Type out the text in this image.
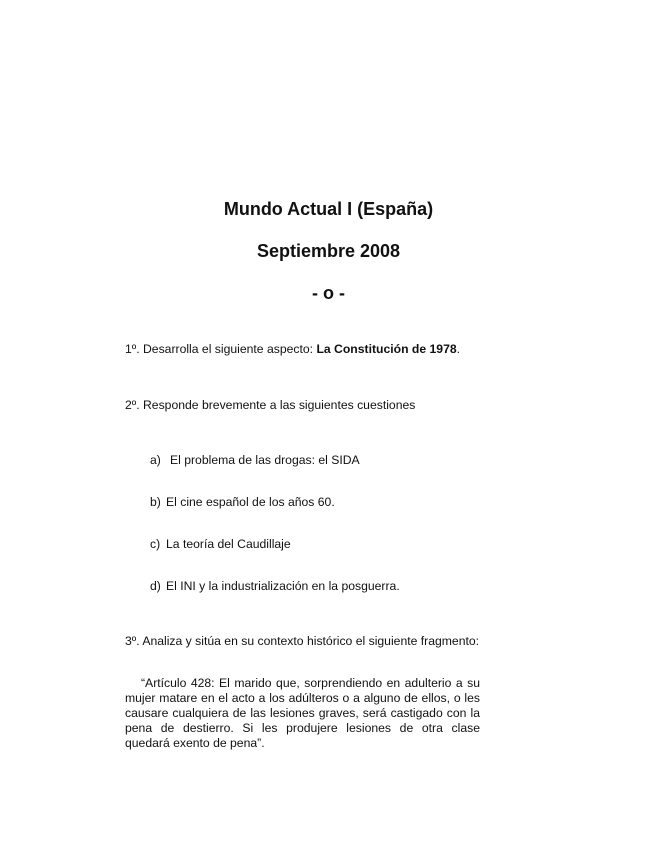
Mundo Actual I (España)
Septiembre 2008
- o -

1º. Desarrolla el siguiente aspecto: La Constitución de 1978.

2º. Responde brevemente a las siguientes cuestiones

a) El problema de las drogas: el SIDA

b) El cine español de los años 60.

c) La teoría del Caudillaje

d) El INI y la industrialización en la posguerra.

3º. Analiza y sitúa en su contexto histórico el siguiente fragmento:

“Artículo 428: El marido que, sorprendiendo en adulterio a su mujer matare en el acto a los adúlteros o a alguno de ellos, o les causare cualquiera de las lesiones graves, será castigado con la pena de destierro. Si les produjere lesiones de otra clase quedará exento de pena”.
